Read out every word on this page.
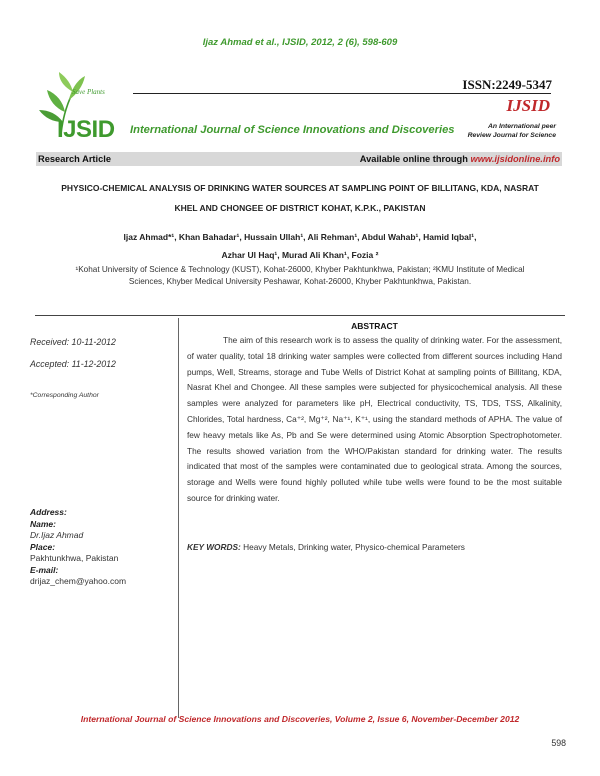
Ijaz Ahmad et al., IJSID, 2012, 2 (6), 598-609
Save Plants
IJSID International Journal of Science Innovations and Discoveries
ISSN:2249-5347
IJSID
An International peer
Review Journal for Science
Research Article	Available online through www.ijsidonline.info
PHYSICO-CHEMICAL ANALYSIS OF DRINKING WATER SOURCES AT SAMPLING POINT OF BILLITANG, KDA, NASRAT
KHEL AND CHONGEE OF DISTRICT KOHAT, K.P.K., PAKISTAN
Ijaz Ahmad*¹, Khan Bahadar¹, Hussain Ullah¹, Ali Rehman¹, Abdul Wahab¹, Hamid Iqbal¹,
Azhar Ul Haq¹, Murad Ali Khan¹, Fozia ²
¹Kohat University of Science & Technology (KUST), Kohat-26000, Khyber Pakhtunkhwa, Pakistan; ²KMU Institute of Medical
Sciences, Khyber Medical University Peshawar, Kohat-26000, Khyber Pakhtunkhwa, Pakistan.
Received: 10-11-2012
Accepted: 11-12-2012
*Corresponding Author
Address:
Name:
Dr.Ijaz Ahmad
Place:
Pakhtunkhwa, Pakistan
E-mail:
drijaz_chem@yahoo.com
ABSTRACT
The aim of this research work is to assess the quality of drinking water. For the assessment, of water quality, total 18 drinking water samples were collected from different sources including Hand pumps, Well, Streams, storage and Tube Wells of District Kohat at sampling points of Billitang, KDA, Nasrat Khel and Chongee. All these samples were subjected for physicochemical analysis. All these samples were analyzed for parameters like pH, Electrical conductivity, TS, TDS, TSS, Alkalinity, Chlorides, Total hardness, Ca⁺², Mg⁺², Na⁺¹, K⁺¹, using the standard methods of APHA. The value of few heavy metals like As, Pb and Se were determined using Atomic Absorption Spectrophotometer. The results showed variation from the WHO/Pakistan standard for drinking water. The results indicated that most of the samples were contaminated due to geological strata. Among the sources, storage and Wells were found highly polluted while tube wells were found to be the most suitable source for drinking water.
KEY WORDS: Heavy Metals, Drinking water, Physico-chemical Parameters
International Journal of Science Innovations and Discoveries, Volume 2, Issue 6, November-December 2012
598
